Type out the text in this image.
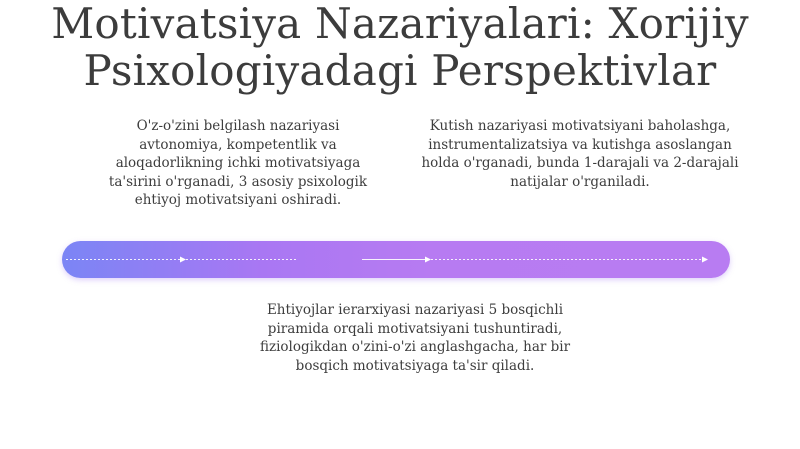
Motivatsiya Nazariyalari: Xorijiy
Psixologiyadagi Perspektivlar

O'z-o'zini belgilash nazariyasi avtonomiya, kompetentlik va aloqadorlikning ichki motivatsiyaga ta'sirini o'rganadi, 3 asosiy psixologik ehtiyoj motivatsiyani oshiradi.

Kutish nazariyasi motivatsiyani baholashga, instrumentalizatsiya va kutishga asoslangan holda o'rganadi, bunda 1-darajali va 2-darajali natijalar o'rganiladi.

Ehtiyojlar ierarxiyasi nazariyasi 5 bosqichli piramida orqali motivatsiyani tushuntiradi, fiziologikdan o'zini-o'zi anglashgacha, har bir bosqich motivatsiyaga ta'sir qiladi.
